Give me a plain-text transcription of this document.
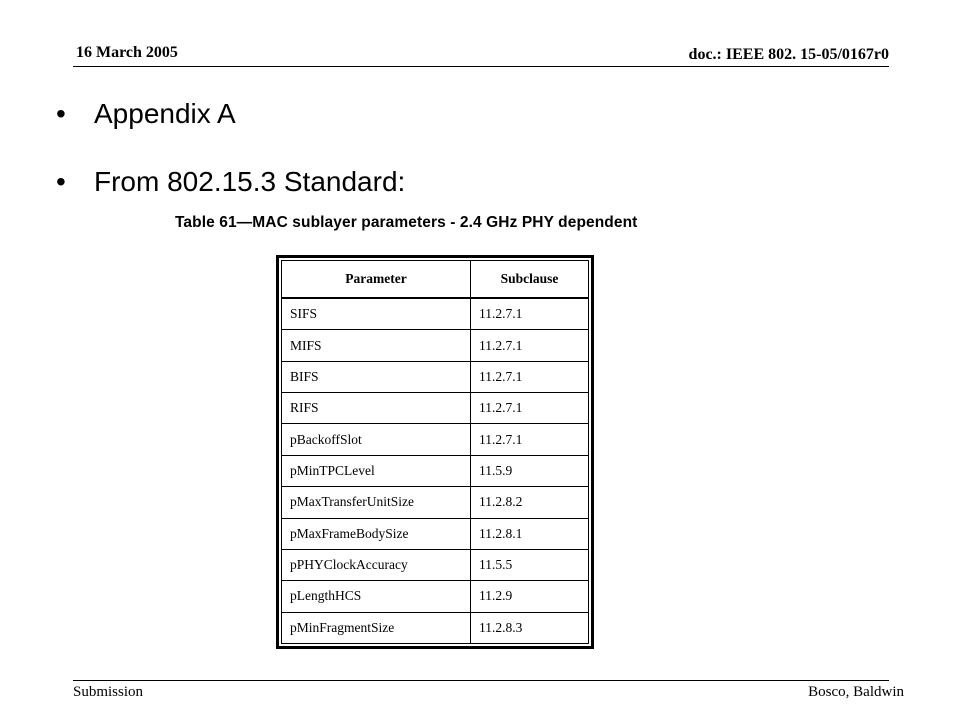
16 March 2005	doc.: IEEE 802. 15-05/0167r0
•	Appendix A
•	From 802.15.3 Standard:
Table 61—MAC sublayer parameters - 2.4 GHz PHY dependent
Parameter	Subclause
SIFS	11.2.7.1
MIFS	11.2.7.1
BIFS	11.2.7.1
RIFS	11.2.7.1
pBackoffSlot	11.2.7.1
pMinTPCLevel	11.5.9
pMaxTransferUnitSize	11.2.8.2
pMaxFrameBodySize	11.2.8.1
pPHYClockAccuracy	11.5.5
pLengthHCS	11.2.9
pMinFragmentSize	11.2.8.3
Submission	Bosco, Baldwin
